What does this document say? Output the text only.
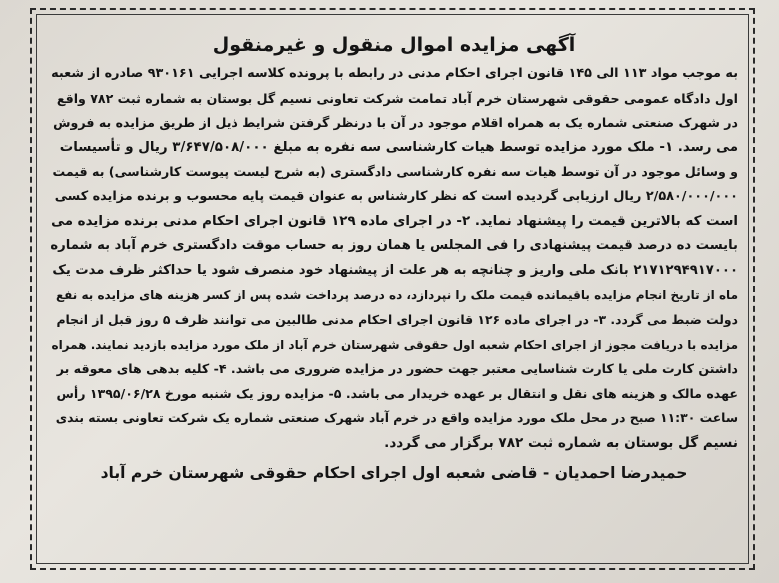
آگهی مزایده اموال منقول و غیرمنقول
به موجب مواد ۱۱۳ الی ۱۴۵ قانون اجرای احکام مدنی در رابطه با پرونده کلاسه اجرایی ۹۳۰۱۶۱ صادره از شعبه
اول دادگاه عمومی حقوقی شهرستان خرم آباد تمامت شرکت تعاونی نسیم گل بوستان به شماره ثبت ۷۸۲ واقع
در شهرک صنعتی شماره یک به همراه اقلام موجود در آن با درنظر گرفتن شرایط ذیل از طریق مزایده به فروش
می رسد. ۱- ملک مورد مزایده توسط هیات کارشناسی سه نفره به مبلغ ۳/۶۴۷/۵۰۸/۰۰۰ ریال و تأسیسات
و وسائل موجود در آن توسط هیات سه نفره کارشناسی دادگستری (به شرح لیست پیوست کارشناسی) به قیمت
۲/۵۸۰/۰۰۰/۰۰۰ ریال ارزیابی گردیده است که نظر کارشناس به عنوان قیمت پایه محسوب و برنده مزایده کسی
است که بالاترین قیمت را پیشنهاد نماید. ۲- در اجرای ماده ۱۲۹ قانون اجرای احکام مدنی برنده مزایده می
بایست ده درصد قیمت پیشنهادی را فی المجلس یا همان روز به حساب موقت دادگستری خرم آباد به شماره
۲۱۷۱۲۹۴۹۱۷۰۰۰ بانک ملی واریز و چنانچه به هر علت از پیشنهاد خود منصرف شود یا حداکثر ظرف مدت یک
ماه از تاریخ انجام مزایده باقیمانده قیمت ملک را نپردازد، ده درصد پرداخت شده پس از کسر هزینه های مزایده به نفع
دولت ضبط می گردد. ۳- در اجرای ماده ۱۲۶ قانون اجرای احکام مدنی طالبین می توانند ظرف ۵ روز قبل از انجام
مزایده با دریافت مجوز از اجرای احکام شعبه اول حقوقی شهرستان خرم آباد از ملک مورد مزایده بازدید نمایند. همراه
داشتن کارت ملی یا کارت شناسایی معتبر جهت حضور در مزایده ضروری می باشد. ۴- کلیه بدهی های معوقه بر
عهده مالک و هزینه های نقل و انتقال بر عهده خریدار می باشد. ۵- مزایده روز یک شنبه مورخ ۱۳۹۵/۰۶/۲۸ رأس
ساعت ۱۱:۳۰ صبح در محل ملک مورد مزایده واقع در خرم آباد شهرک صنعتی شماره یک شرکت تعاونی بسته بندی
نسیم گل بوستان به شماره ثبت ۷۸۲ برگزار می گردد.
حمیدرضا احمدیان - قاضی شعبه اول اجرای احکام حقوقی شهرستان خرم آباد
